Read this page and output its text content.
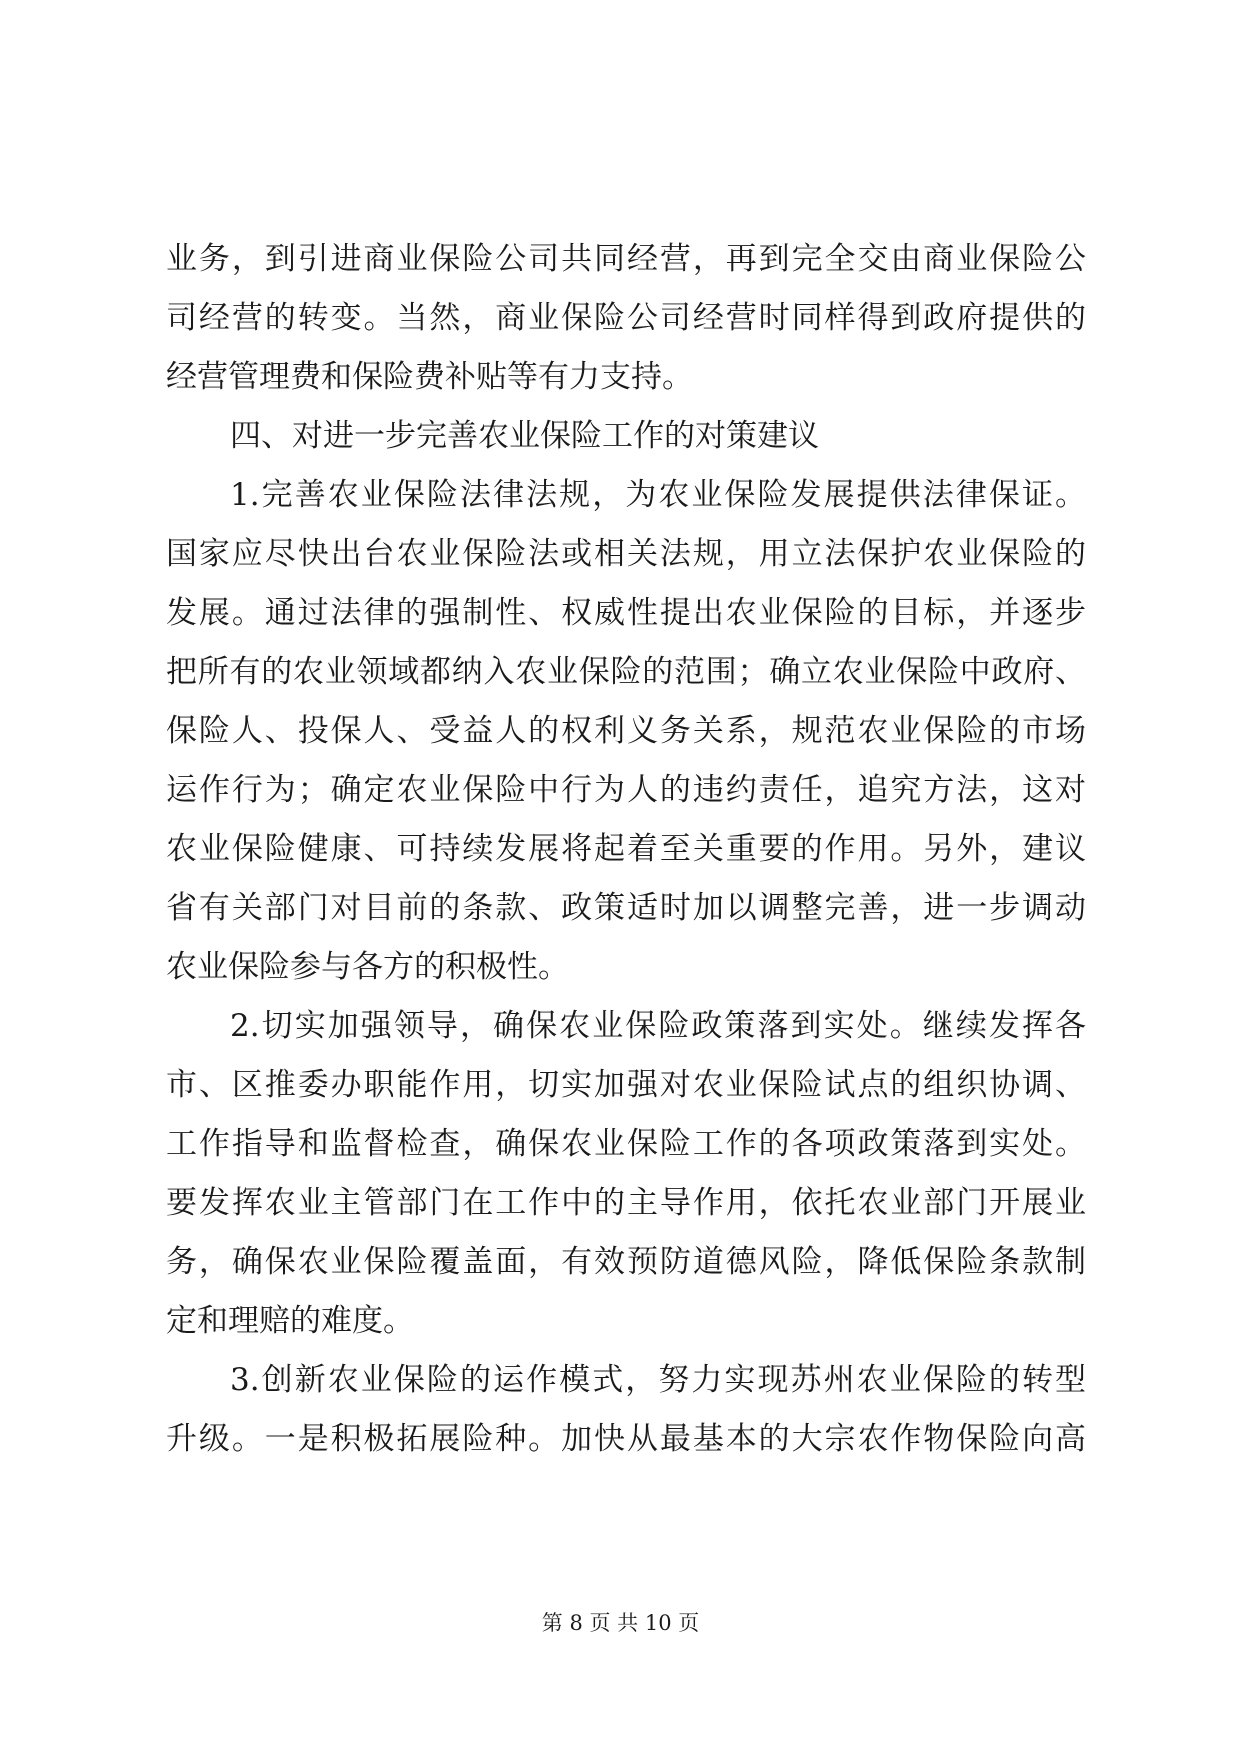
业务，到引进商业保险公司共同经营，再到完全交由商业保险公
司经营的转变。当然，商业保险公司经营时同样得到政府提供的
经营管理费和保险费补贴等有力支持。
四、对进一步完善农业保险工作的对策建议
1.完善农业保险法律法规，为农业保险发展提供法律保证。
国家应尽快出台农业保险法或相关法规，用立法保护农业保险的
发展。通过法律的强制性、权威性提出农业保险的目标，并逐步
把所有的农业领域都纳入农业保险的范围；确立农业保险中政府、
保险人、投保人、受益人的权利义务关系，规范农业保险的市场
运作行为；确定农业保险中行为人的违约责任，追究方法，这对
农业保险健康、可持续发展将起着至关重要的作用。另外，建议
省有关部门对目前的条款、政策适时加以调整完善，进一步调动
农业保险参与各方的积极性。
2.切实加强领导，确保农业保险政策落到实处。继续发挥各
市、区推委办职能作用，切实加强对农业保险试点的组织协调、
工作指导和监督检查，确保农业保险工作的各项政策落到实处。
要发挥农业主管部门在工作中的主导作用，依托农业部门开展业
务，确保农业保险覆盖面，有效预防道德风险，降低保险条款制
定和理赔的难度。
3.创新农业保险的运作模式，努力实现苏州农业保险的转型
升级。一是积极拓展险种。加快从最基本的大宗农作物保险向高
第 8 页 共 10 页
